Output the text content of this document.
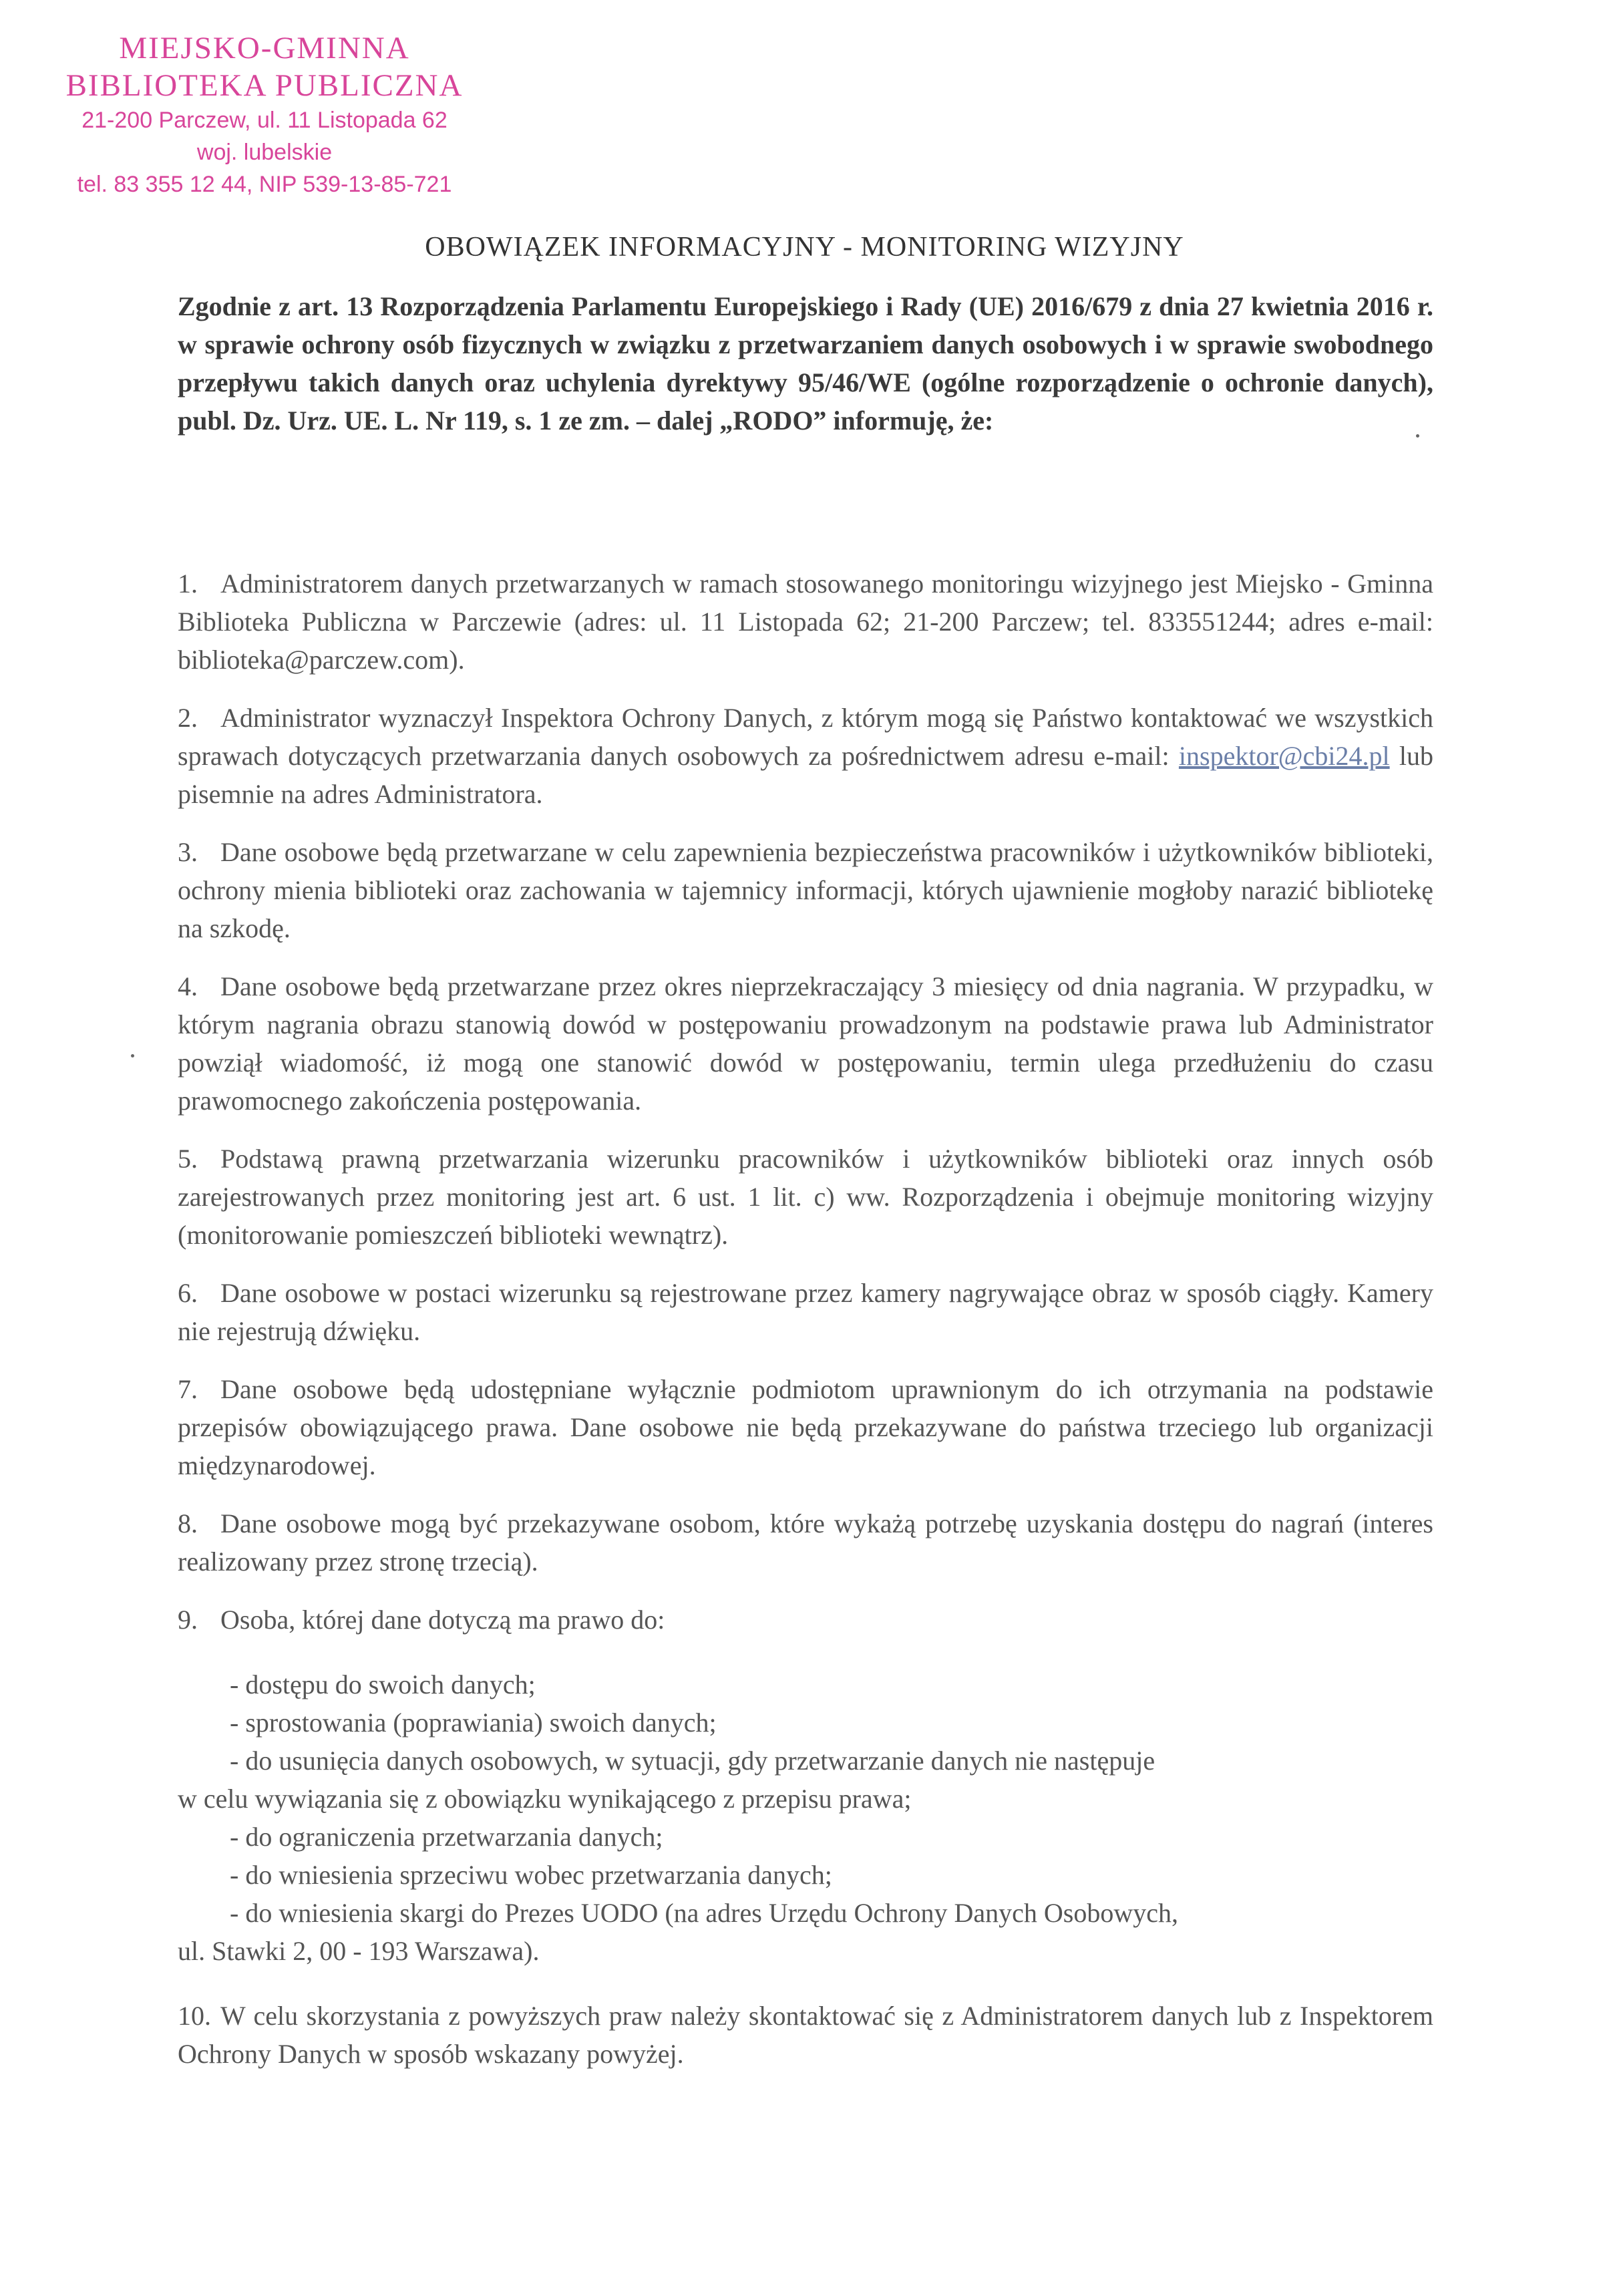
MIEJSKO-GMINNA
BIBLIOTEKA PUBLICZNA
21-200 Parczew, ul. 11 Listopada 62
woj. lubelskie
tel. 83 355 12 44, NIP 539-13-85-721
OBOWIĄZEK INFORMACYJNY - MONITORING WIZYJNY
Zgodnie z art. 13 Rozporządzenia Parlamentu Europejskiego i Rady (UE) 2016/679 z dnia 27 kwietnia 2016 r. w sprawie ochrony osób fizycznych w związku z przetwarzaniem danych osobowych i w sprawie swobodnego przepływu takich danych oraz uchylenia dyrektywy 95/46/WE (ogólne rozporządzenie o ochronie danych), publ. Dz. Urz. UE. L. Nr 119, s. 1 ze zm. – dalej „RODO” informuję, że:
1. Administratorem danych przetwarzanych w ramach stosowanego monitoringu wizyjnego jest Miejsko - Gminna Biblioteka Publiczna w Parczewie (adres: ul. 11 Listopada 62; 21-200 Parczew; tel. 833551244; adres e-mail: biblioteka@parczew.com).
2. Administrator wyznaczył Inspektora Ochrony Danych, z którym mogą się Państwo kontaktować we wszystkich sprawach dotyczących przetwarzania danych osobowych za pośrednictwem adresu e-mail: inspektor@cbi24.pl lub pisemnie na adres Administratora.
3. Dane osobowe będą przetwarzane w celu zapewnienia bezpieczeństwa pracowników i użytkowników biblioteki, ochrony mienia biblioteki oraz zachowania w tajemnicy informacji, których ujawnienie mogłoby narazić bibliotekę na szkodę.
4. Dane osobowe będą przetwarzane przez okres nieprzekraczający 3 miesięcy od dnia nagrania. W przypadku, w którym nagrania obrazu stanowią dowód w postępowaniu prowadzonym na podstawie prawa lub Administrator powziął wiadomość, iż mogą one stanowić dowód w postępowaniu, termin ulega przedłużeniu do czasu prawomocnego zakończenia postępowania.
5. Podstawą prawną przetwarzania wizerunku pracowników i użytkowników biblioteki oraz innych osób zarejestrowanych przez monitoring jest art. 6 ust. 1 lit. c) ww. Rozporządzenia i obejmuje monitoring wizyjny (monitorowanie pomieszczeń biblioteki wewnątrz).
6. Dane osobowe w postaci wizerunku są rejestrowane przez kamery nagrywające obraz w sposób ciągły. Kamery nie rejestrują dźwięku.
7. Dane osobowe będą udostępniane wyłącznie podmiotom uprawnionym do ich otrzymania na podstawie przepisów obowiązującego prawa. Dane osobowe nie będą przekazywane do państwa trzeciego lub organizacji międzynarodowej.
8. Dane osobowe mogą być przekazywane osobom, które wykażą potrzebę uzyskania dostępu do nagrań (interes realizowany przez stronę trzecią).
9. Osoba, której dane dotyczą ma prawo do:
- dostępu do swoich danych;
- sprostowania (poprawiania) swoich danych;
- do usunięcia danych osobowych, w sytuacji, gdy przetwarzanie danych nie następuje
w celu wywiązania się z obowiązku wynikającego z przepisu prawa;
- do ograniczenia przetwarzania danych;
- do wniesienia sprzeciwu wobec przetwarzania danych;
- do wniesienia skargi do Prezes UODO (na adres Urzędu Ochrony Danych Osobowych,
ul. Stawki 2, 00 - 193 Warszawa).
10. W celu skorzystania z powyższych praw należy skontaktować się z Administratorem danych lub z Inspektorem Ochrony Danych w sposób wskazany powyżej.
